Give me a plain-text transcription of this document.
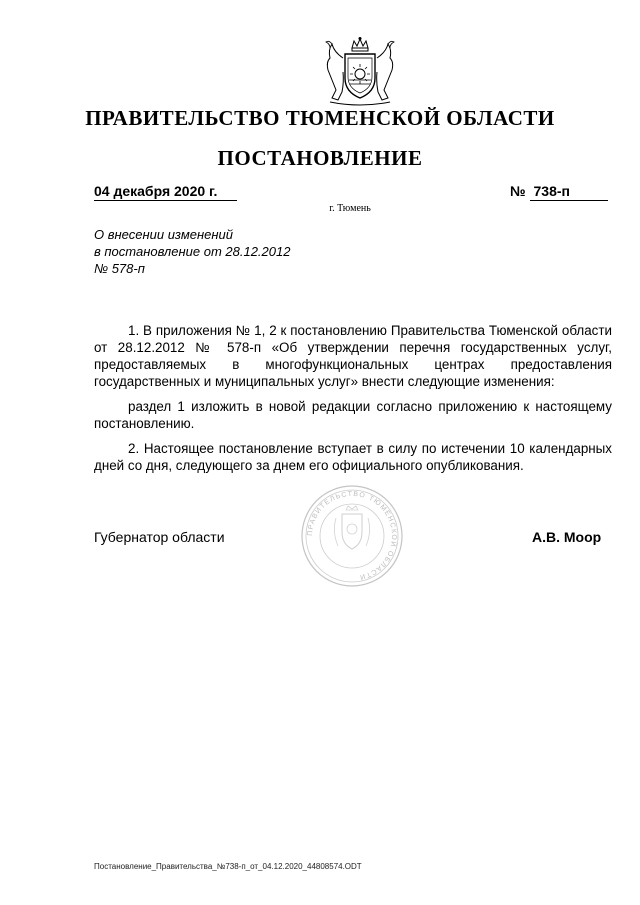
ПРАВИТЕЛЬСТВО ТЮМЕНСКОЙ ОБЛАСТИ
ПОСТАНОВЛЕНИЕ
04 декабря 2020 г.	№ 738-п
г. Тюмень
О внесении изменений
в постановление от 28.12.2012
№ 578-п

1. В приложения № 1, 2 к постановлению Правительства Тюменской области от 28.12.2012 № 578-п «Об утверждении перечня государственных услуг, предоставляемых в многофункциональных центрах предоставления государственных и муниципальных услуг» внести следующие изменения:

раздел 1 изложить в новой редакции согласно приложению к настоящему постановлению.

2. Настоящее постановление вступает в силу по истечении 10 календарных дней со дня, следующего за днем его официального опубликования.

ПРАВИТЕЛЬСТВО ТЮМЕНСКОЙ ОБЛАСТИ
Губернатор области	А.В. Моор
Постановление_Правительства_№738-п_от_04.12.2020_44808574.ODT
